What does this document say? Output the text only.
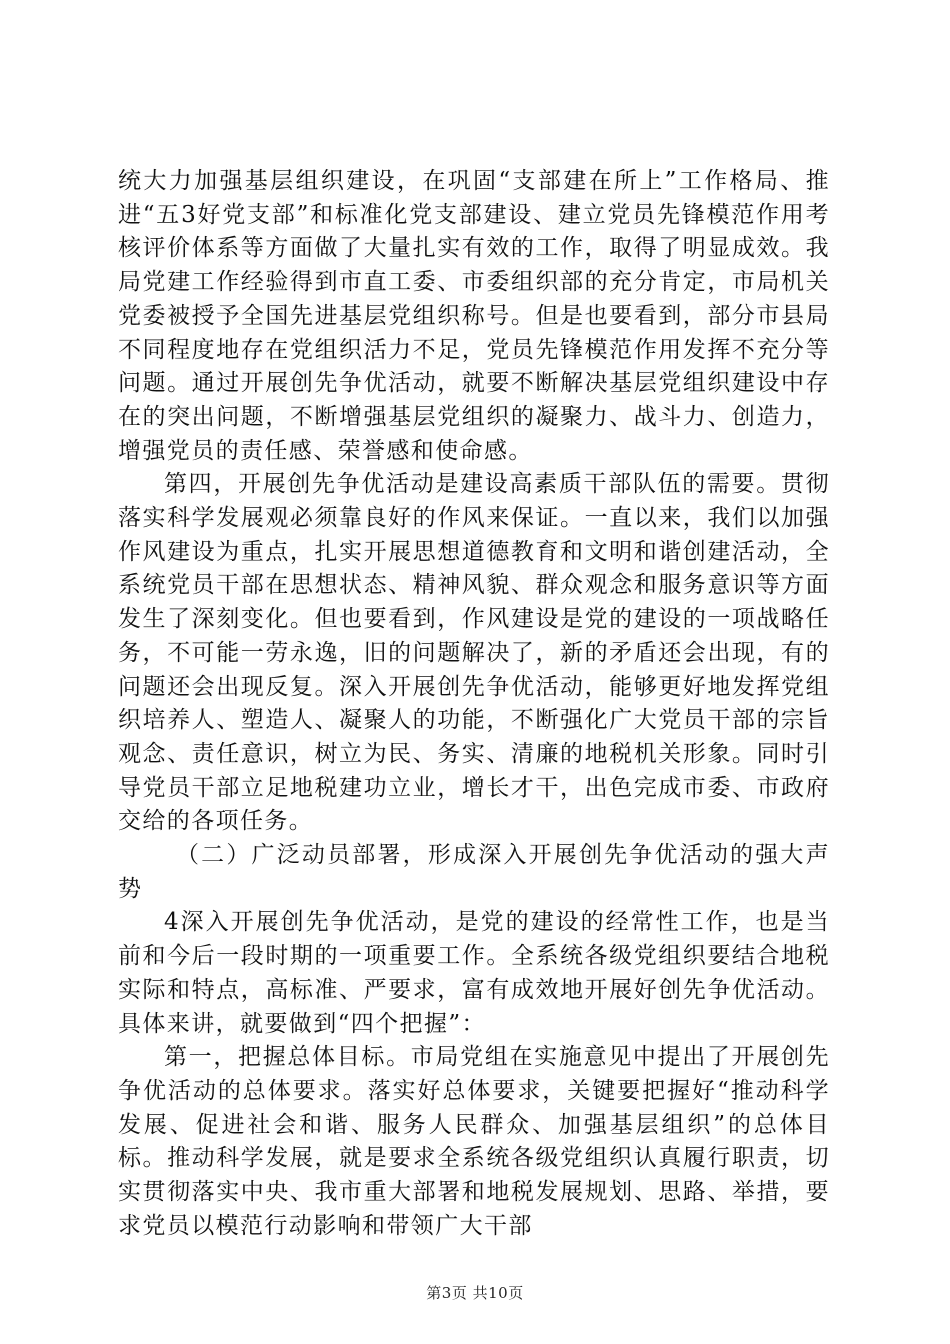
统大力加强基层组织建设，在巩固“支部建在所上”工作格局、推进“五3好党支部”和标准化党支部建设、建立党员先锋模范作用考核评价体系等方面做了大量扎实有效的工作，取得了明显成效。我局党建工作经验得到市直工委、市委组织部的充分肯定，市局机关党委被授予全国先进基层党组织称号。但是也要看到，部分市县局不同程度地存在党组织活力不足，党员先锋模范作用发挥不充分等问题。通过开展创先争优活动，就要不断解决基层党组织建设中存在的突出问题，不断增强基层党组织的凝聚力、战斗力、创造力，增强党员的责任感、荣誉感和使命感。

第四，开展创先争优活动是建设高素质干部队伍的需要。贯彻落实科学发展观必须靠良好的作风来保证。一直以来，我们以加强作风建设为重点，扎实开展思想道德教育和文明和谐创建活动，全系统党员干部在思想状态、精神风貌、群众观念和服务意识等方面发生了深刻变化。但也要看到，作风建设是党的建设的一项战略任务，不可能一劳永逸，旧的问题解决了，新的矛盾还会出现，有的问题还会出现反复。深入开展创先争优活动，能够更好地发挥党组织培养人、塑造人、凝聚人的功能，不断强化广大党员干部的宗旨观念、责任意识，树立为民、务实、清廉的地税机关形象。同时引导党员干部立足地税建功立业，增长才干，出色完成市委、市政府交给的各项任务。

（二）广泛动员部署，形成深入开展创先争优活动的强大声势

4深入开展创先争优活动，是党的建设的经常性工作，也是当前和今后一段时期的一项重要工作。全系统各级党组织要结合地税实际和特点，高标准、严要求，富有成效地开展好创先争优活动。具体来讲，就要做到“四个把握”：

第一，把握总体目标。市局党组在实施意见中提出了开展创先争优活动的总体要求。落实好总体要求，关键要把握好“推动科学发展、促进社会和谐、服务人民群众、加强基层组织”的总体目标。推动科学发展，就是要求全系统各级党组织认真履行职责，切实贯彻落实中央、我市重大部署和地税发展规划、思路、举措，要求党员以模范行动影响和带领广大干部

第3页 共10页
